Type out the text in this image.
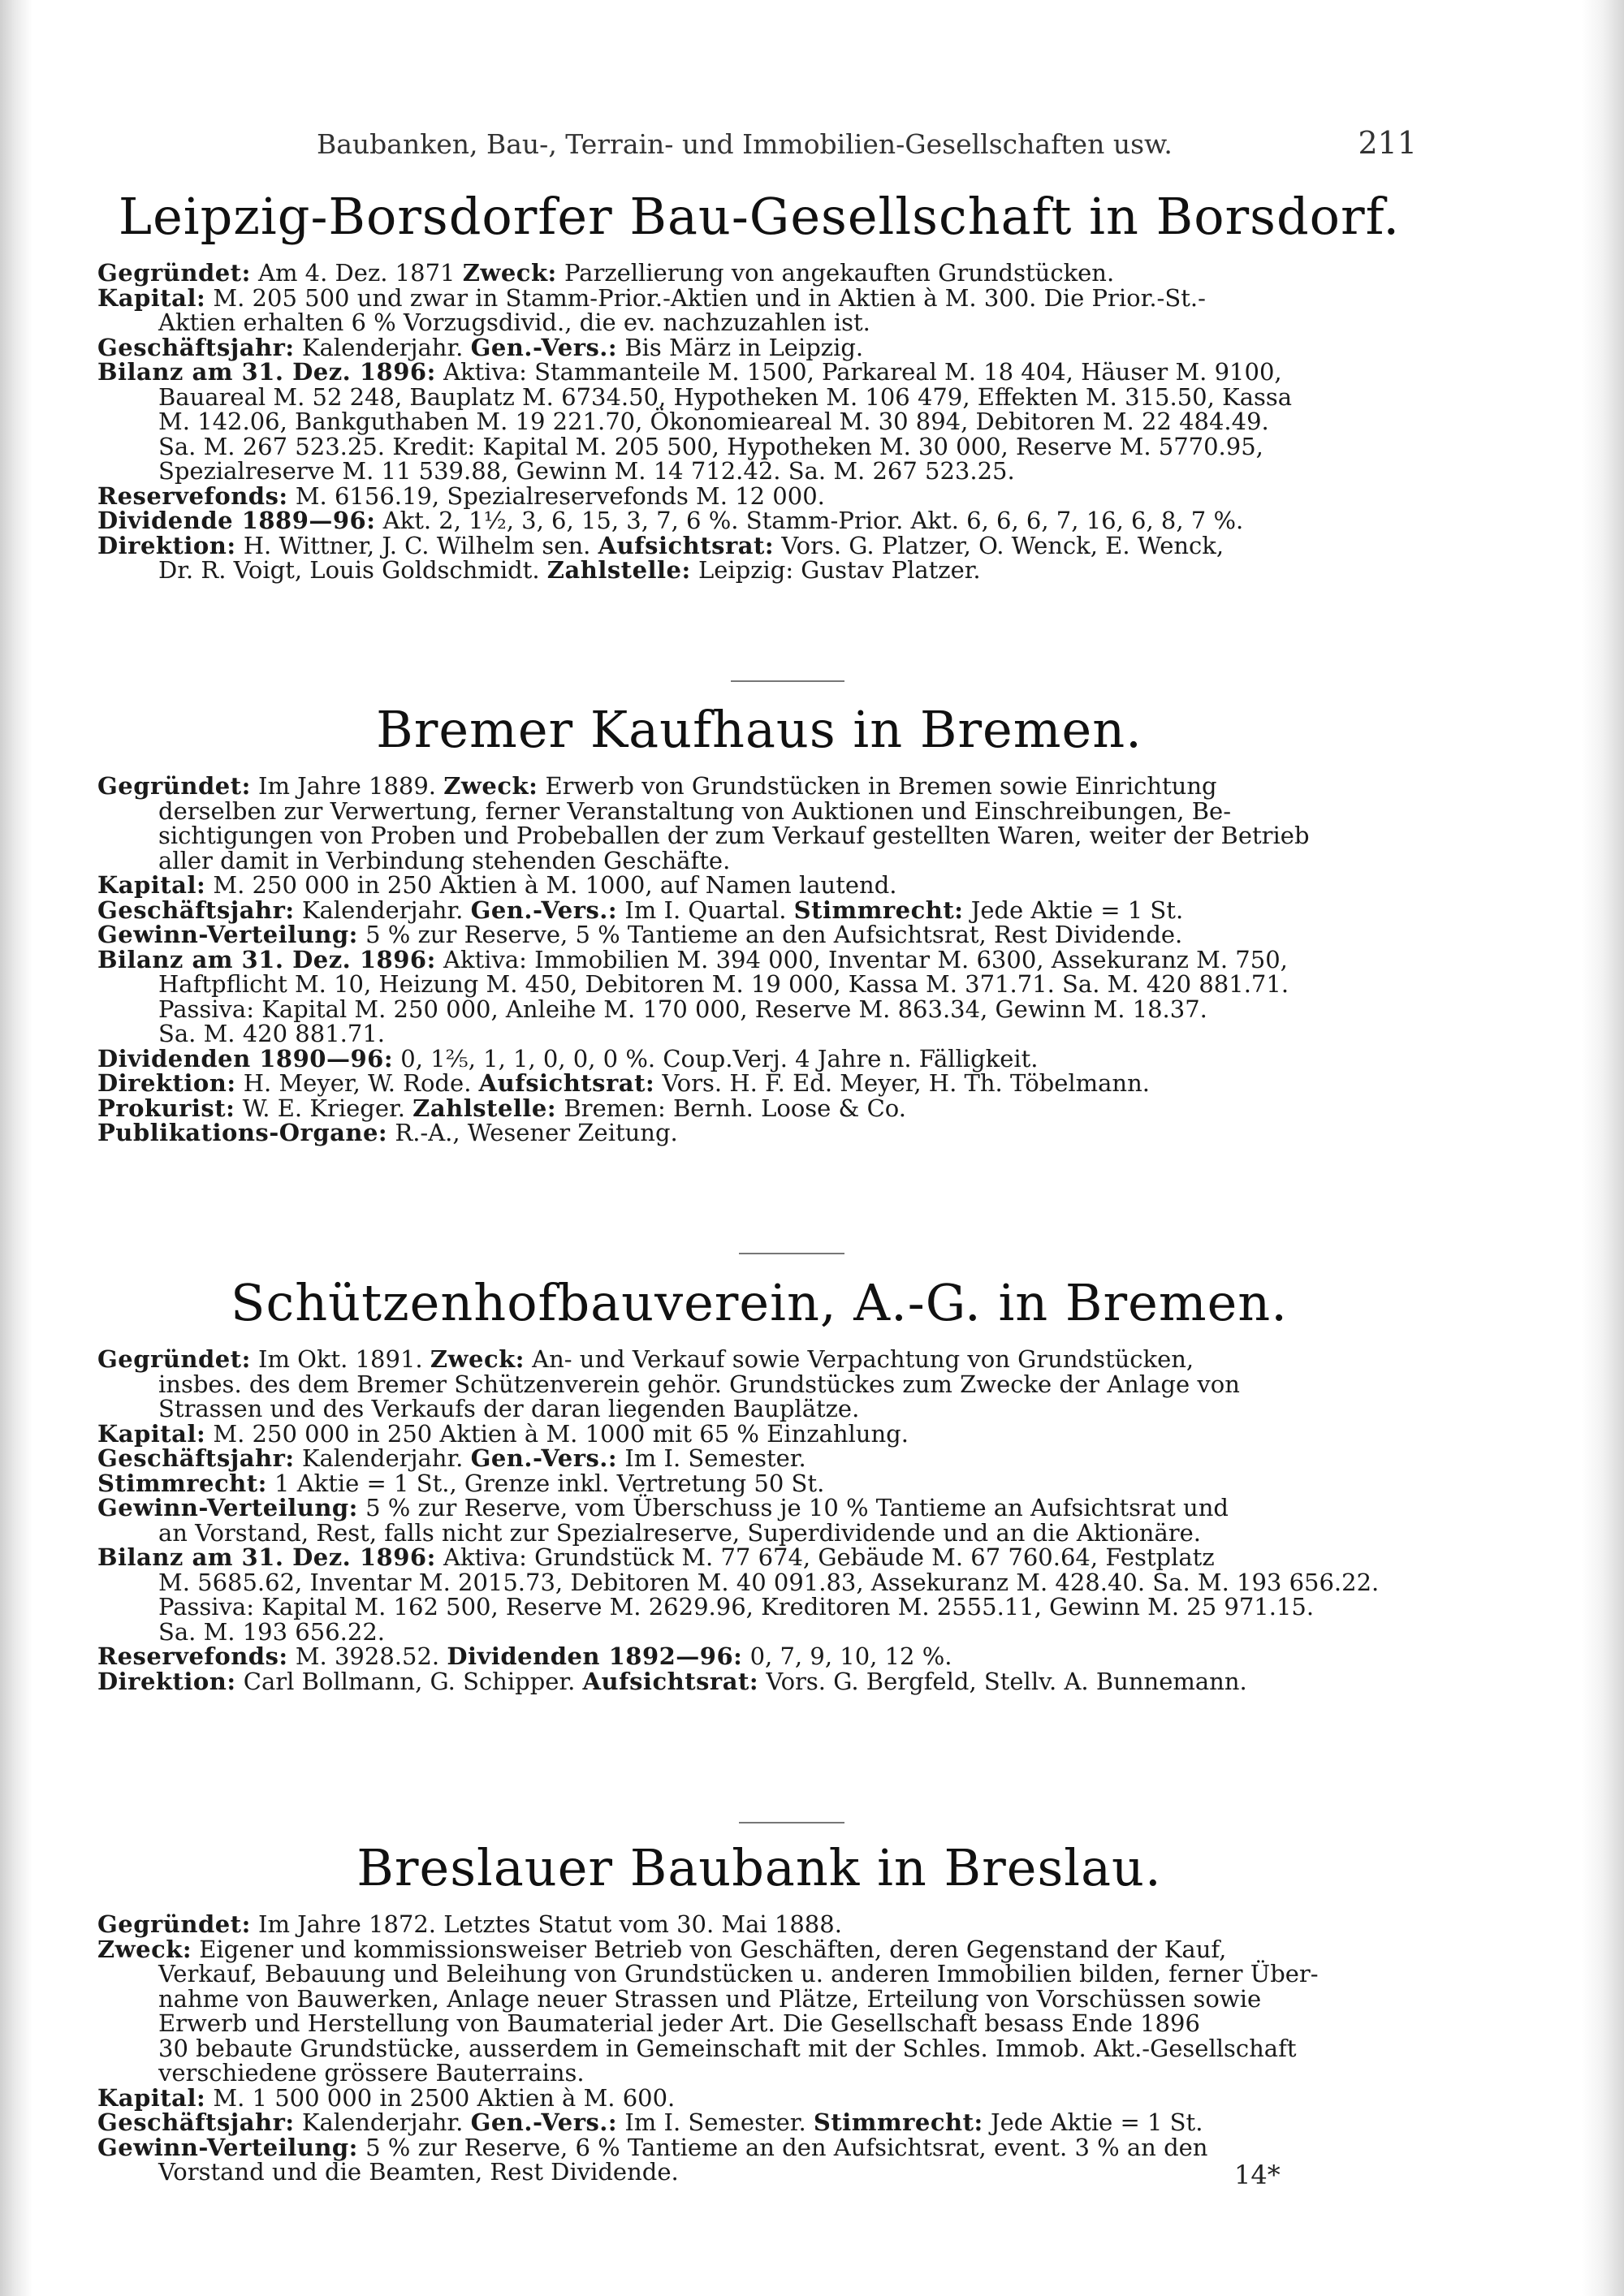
Baubanken, Bau-, Terrain- und Immobilien-Gesellschaften usw.	211
Leipzig-Borsdorfer Bau-Gesellschaft in Borsdorf.
Gegründet: Am 4. Dez. 1871 Zweck: Parzellierung von angekauften Grundstücken.
Kapital: M. 205 500 und zwar in Stamm-Prior.-Aktien und in Aktien à M. 300. Die Prior.-St.-
Aktien erhalten 6 % Vorzugsdivid., die ev. nachzuzahlen ist.
Geschäftsjahr: Kalenderjahr. Gen.-Vers.: Bis März in Leipzig.
Bilanz am 31. Dez. 1896: Aktiva: Stammanteile M. 1500, Parkareal M. 18 404, Häuser M. 9100,
Bauareal M. 52 248, Bauplatz M. 6734.50, Hypotheken M. 106 479, Effekten M. 315.50, Kassa
M. 142.06, Bankguthaben M. 19 221.70, Ökonomieareal M. 30 894, Debitoren M. 22 484.49.
Sa. M. 267 523.25. Kredit: Kapital M. 205 500, Hypotheken M. 30 000, Reserve M. 5770.95,
Spezialreserve M. 11 539.88, Gewinn M. 14 712.42. Sa. M. 267 523.25.
Reservefonds: M. 6156.19, Spezialreservefonds M. 12 000.
Dividende 1889—96: Akt. 2, 1½, 3, 6, 15, 3, 7, 6 %. Stamm-Prior. Akt. 6, 6, 6, 7, 16, 6, 8, 7 %.
Direktion: H. Wittner, J. C. Wilhelm sen. Aufsichtsrat: Vors. G. Platzer, O. Wenck, E. Wenck,
Dr. R. Voigt, Louis Goldschmidt. Zahlstelle: Leipzig: Gustav Platzer.
Bremer Kaufhaus in Bremen.
Gegründet: Im Jahre 1889. Zweck: Erwerb von Grundstücken in Bremen sowie Einrichtung
derselben zur Verwertung, ferner Veranstaltung von Auktionen und Einschreibungen, Be-
sichtigungen von Proben und Probeballen der zum Verkauf gestellten Waren, weiter der Betrieb
aller damit in Verbindung stehenden Geschäfte.
Kapital: M. 250 000 in 250 Aktien à M. 1000, auf Namen lautend.
Geschäftsjahr: Kalenderjahr. Gen.-Vers.: Im I. Quartal. Stimmrecht: Jede Aktie = 1 St.
Gewinn-Verteilung: 5 % zur Reserve, 5 % Tantieme an den Aufsichtsrat, Rest Dividende.
Bilanz am 31. Dez. 1896: Aktiva: Immobilien M. 394 000, Inventar M. 6300, Assekuranz M. 750,
Haftpflicht M. 10, Heizung M. 450, Debitoren M. 19 000, Kassa M. 371.71. Sa. M. 420 881.71.
Passiva: Kapital M. 250 000, Anleihe M. 170 000, Reserve M. 863.34, Gewinn M. 18.37.
Sa. M. 420 881.71.
Dividenden 1890—96: 0, 1⅖, 1, 1, 0, 0, 0 %. Coup.Verj. 4 Jahre n. Fälligkeit.
Direktion: H. Meyer, W. Rode. Aufsichtsrat: Vors. H. F. Ed. Meyer, H. Th. Töbelmann.
Prokurist: W. E. Krieger. Zahlstelle: Bremen: Bernh. Loose & Co.
Publikations-Organe: R.-A., Wesener Zeitung.
Schützenhofbauverein, A.-G. in Bremen.
Gegründet: Im Okt. 1891. Zweck: An- und Verkauf sowie Verpachtung von Grundstücken,
insbes. des dem Bremer Schützenverein gehör. Grundstückes zum Zwecke der Anlage von
Strassen und des Verkaufs der daran liegenden Bauplätze.
Kapital: M. 250 000 in 250 Aktien à M. 1000 mit 65 % Einzahlung.
Geschäftsjahr: Kalenderjahr. Gen.-Vers.: Im I. Semester.
Stimmrecht: 1 Aktie = 1 St., Grenze inkl. Vertretung 50 St.
Gewinn-Verteilung: 5 % zur Reserve, vom Überschuss je 10 % Tantieme an Aufsichtsrat und
an Vorstand, Rest, falls nicht zur Spezialreserve, Superdividende und an die Aktionäre.
Bilanz am 31. Dez. 1896: Aktiva: Grundstück M. 77 674, Gebäude M. 67 760.64, Festplatz
M. 5685.62, Inventar M. 2015.73, Debitoren M. 40 091.83, Assekuranz M. 428.40. Sa. M. 193 656.22.
Passiva: Kapital M. 162 500, Reserve M. 2629.96, Kreditoren M. 2555.11, Gewinn M. 25 971.15.
Sa. M. 193 656.22.
Reservefonds: M. 3928.52. Dividenden 1892—96: 0, 7, 9, 10, 12 %.
Direktion: Carl Bollmann, G. Schipper. Aufsichtsrat: Vors. G. Bergfeld, Stellv. A. Bunnemann.
Breslauer Baubank in Breslau.
Gegründet: Im Jahre 1872. Letztes Statut vom 30. Mai 1888.
Zweck: Eigener und kommissionsweiser Betrieb von Geschäften, deren Gegenstand der Kauf,
Verkauf, Bebauung und Beleihung von Grundstücken u. anderen Immobilien bilden, ferner Über-
nahme von Bauwerken, Anlage neuer Strassen und Plätze, Erteilung von Vorschüssen sowie
Erwerb und Herstellung von Baumaterial jeder Art. Die Gesellschaft besass Ende 1896
30 bebaute Grundstücke, ausserdem in Gemeinschaft mit der Schles. Immob. Akt.-Gesellschaft
verschiedene grössere Bauterrains.
Kapital: M. 1 500 000 in 2500 Aktien à M. 600.
Geschäftsjahr: Kalenderjahr. Gen.-Vers.: Im I. Semester. Stimmrecht: Jede Aktie = 1 St.
Gewinn-Verteilung: 5 % zur Reserve, 6 % Tantieme an den Aufsichtsrat, event. 3 % an den
Vorstand und die Beamten, Rest Dividende.	14*
